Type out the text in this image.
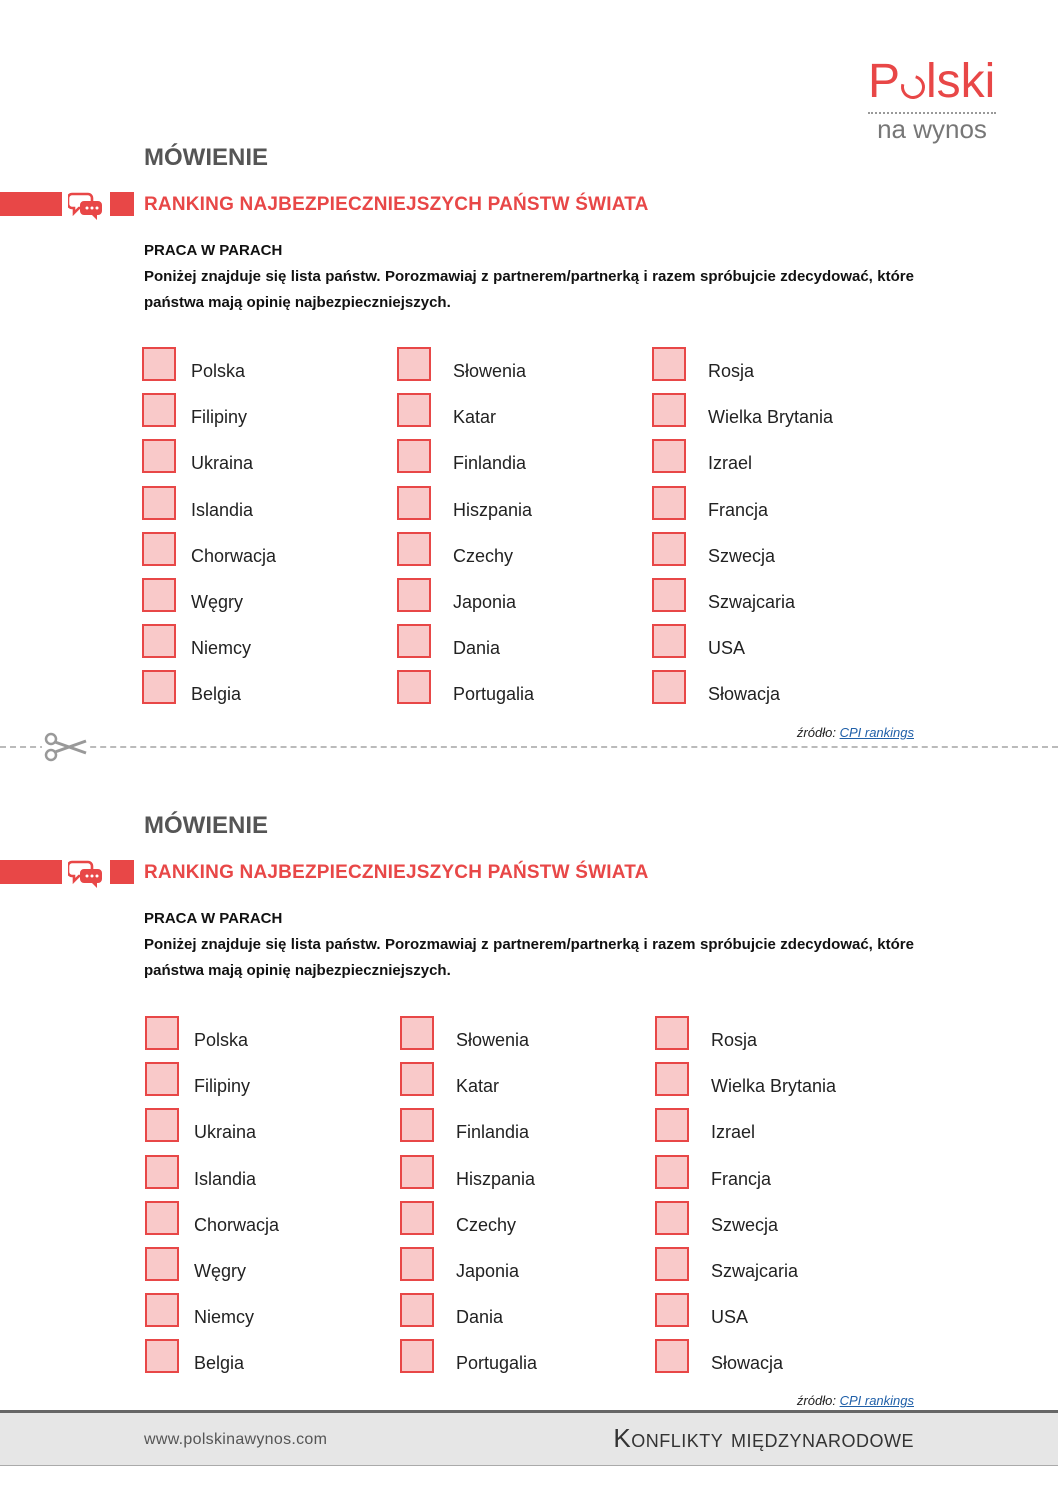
P lski
na wynos
MÓWIENIE
RANKING NAJBEZPIECZNIEJSZYCH PAŃSTW ŚWIATA
PRACA W PARACH
Poniżej znajduje się lista państw. Porozmawiaj z partnerem/partnerką i razem spróbujcie zdecydować, które państwa mają opinię najbezpieczniejszych.
Polska
Filipiny
Ukraina
Islandia
Chorwacja
Węgry
Niemcy
Belgia
Słowenia
Katar
Finlandia
Hiszpania
Czechy
Japonia
Dania
Portugalia
Rosja
Wielka Brytania
Izrael
Francja
Szwecja
Szwajcaria
USA
Słowacja
źródło: CPI rankings
MÓWIENIE
RANKING NAJBEZPIECZNIEJSZYCH PAŃSTW ŚWIATA
PRACA W PARACH
Poniżej znajduje się lista państw. Porozmawiaj z partnerem/partnerką i razem spróbujcie zdecydować, które państwa mają opinię najbezpieczniejszych.
Polska
Filipiny
Ukraina
Islandia
Chorwacja
Węgry
Niemcy
Belgia
Słowenia
Katar
Finlandia
Hiszpania
Czechy
Japonia
Dania
Portugalia
Rosja
Wielka Brytania
Izrael
Francja
Szwecja
Szwajcaria
USA
Słowacja
źródło: CPI rankings
www.polskinawynos.com	Konflikty międzynarodowe
